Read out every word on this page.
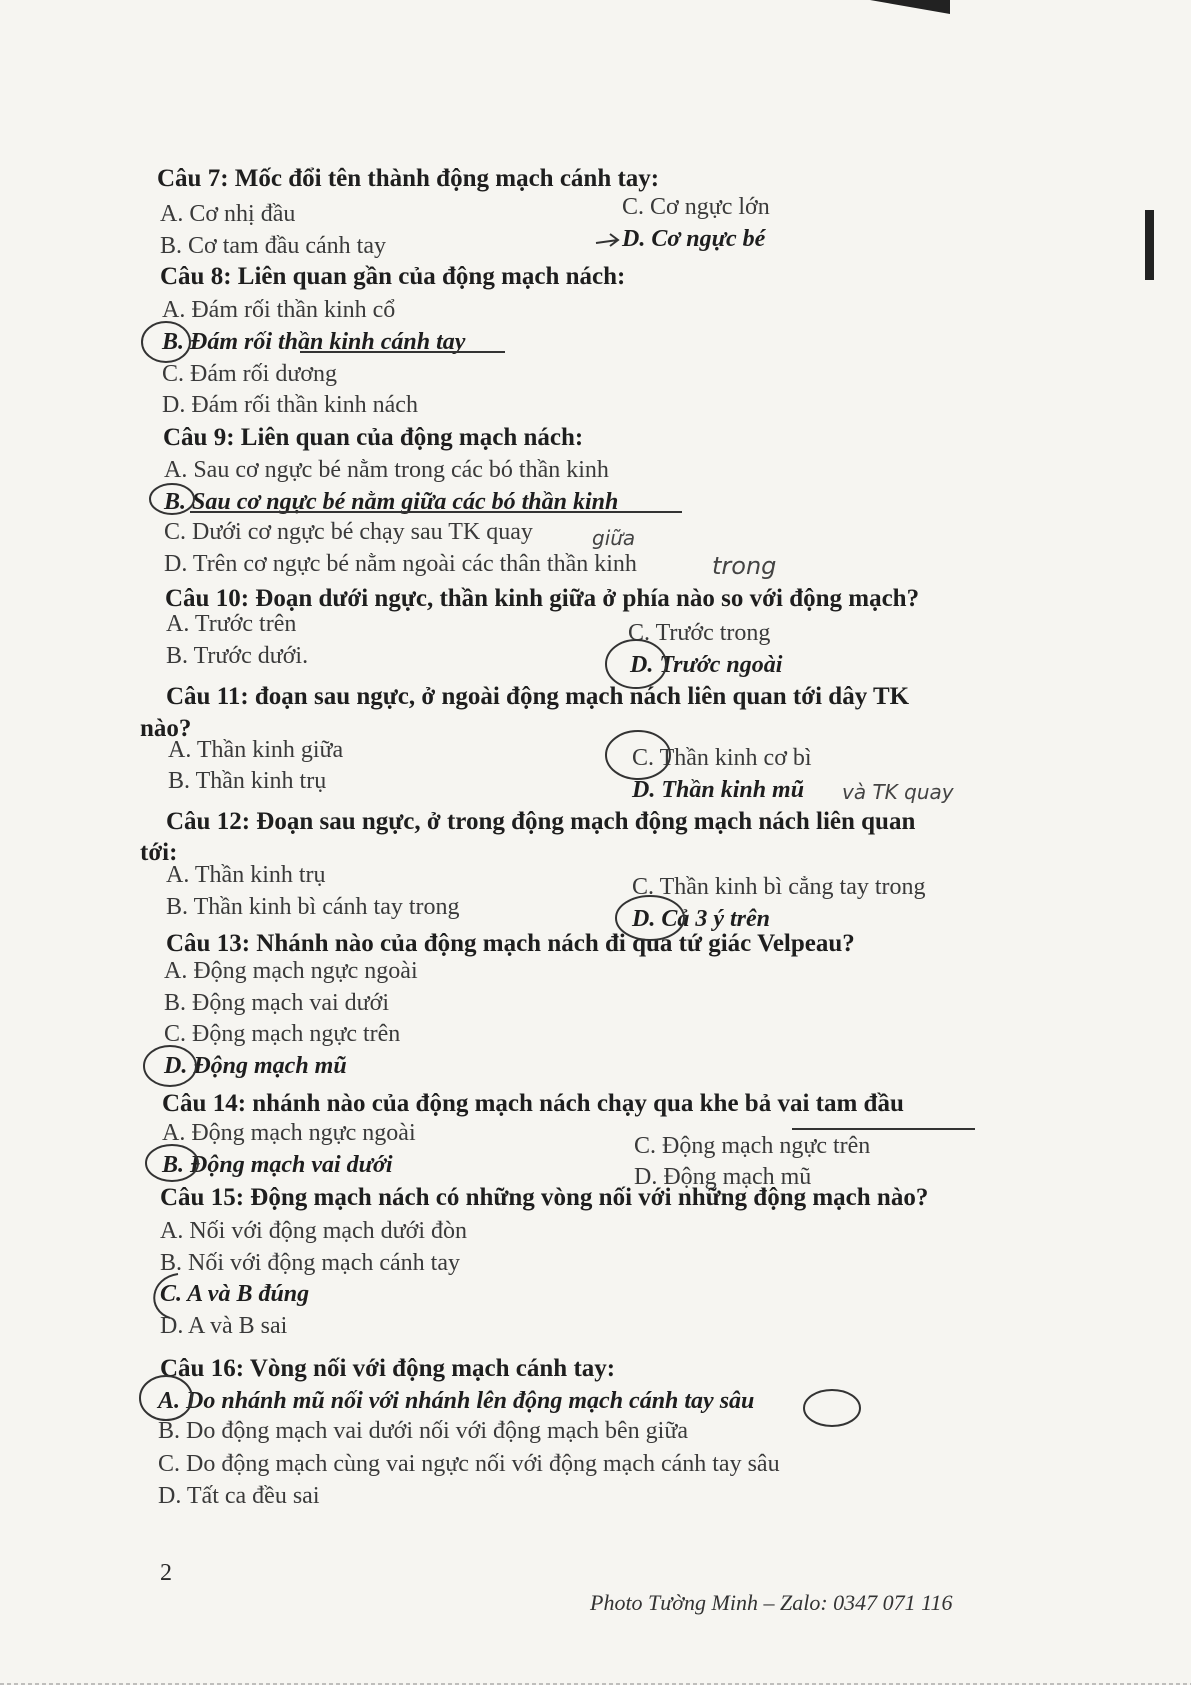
Câu 7: Mốc đổi tên thành động mạch cánh tay:
A. Cơ nhị đầu	C. Cơ ngực lớn
B. Cơ tam đầu cánh tay	D. Cơ ngực bé
Câu 8: Liên quan gần của động mạch nách:
A. Đám rối thần kinh cổ
B. Đám rối thần kinh cánh tay
C. Đám rối dương
D. Đám rối thần kinh nách
Câu 9: Liên quan của động mạch nách:
A. Sau cơ ngực bé nằm trong các bó thần kinh
B. Sau cơ ngực bé nằm giữa các bó thần kinh
C. Dưới cơ ngực bé chạy sau TK quay	giữa
D. Trên cơ ngực bé nằm ngoài các thân thần kinh	trong
Câu 10: Đoạn dưới ngực, thần kinh giữa ở phía nào so với động mạch?
A. Trước trên	C. Trước trong
B. Trước dưới.	D. Trước ngoài
Câu 11: đoạn sau ngực, ở ngoài động mạch nách liên quan tới dây TK
nào?
A. Thần kinh giữa	C. Thần kinh cơ bì
B. Thần kinh trụ	D. Thần kinh mũ và TK quay
Câu 12: Đoạn sau ngực, ở trong động mạch động mạch nách liên quan
tới:
A. Thần kinh trụ	C. Thần kinh bì cẳng tay trong
B. Thần kinh bì cánh tay trong	D. Cả 3 ý trên
Câu 13: Nhánh nào của động mạch nách đi qua tứ giác Velpeau?
A. Động mạch ngực ngoài
B. Động mạch vai dưới
C. Động mạch ngực trên
D. Động mạch mũ
Câu 14: nhánh nào của động mạch nách chạy qua khe bả vai tam đầu
A. Động mạch ngực ngoài	C. Động mạch ngực trên
B. Động mạch vai dưới	D. Động mạch mũ
Câu 15: Động mạch nách có những vòng nối với những động mạch nào?
A. Nối với động mạch dưới đòn
B. Nối với động mạch cánh tay
C. A và B đúng
D. A và B sai
Câu 16: Vòng nối với động mạch cánh tay:
A. Do nhánh mũ nối với nhánh lên động mạch cánh tay sâu
B. Do động mạch vai dưới nối với động mạch bên giữa
C. Do động mạch cùng vai ngực nối với động mạch cánh tay sâu
D. Tất ca đều sai
2
Photo Tường Minh – Zalo: 0347 071 116
